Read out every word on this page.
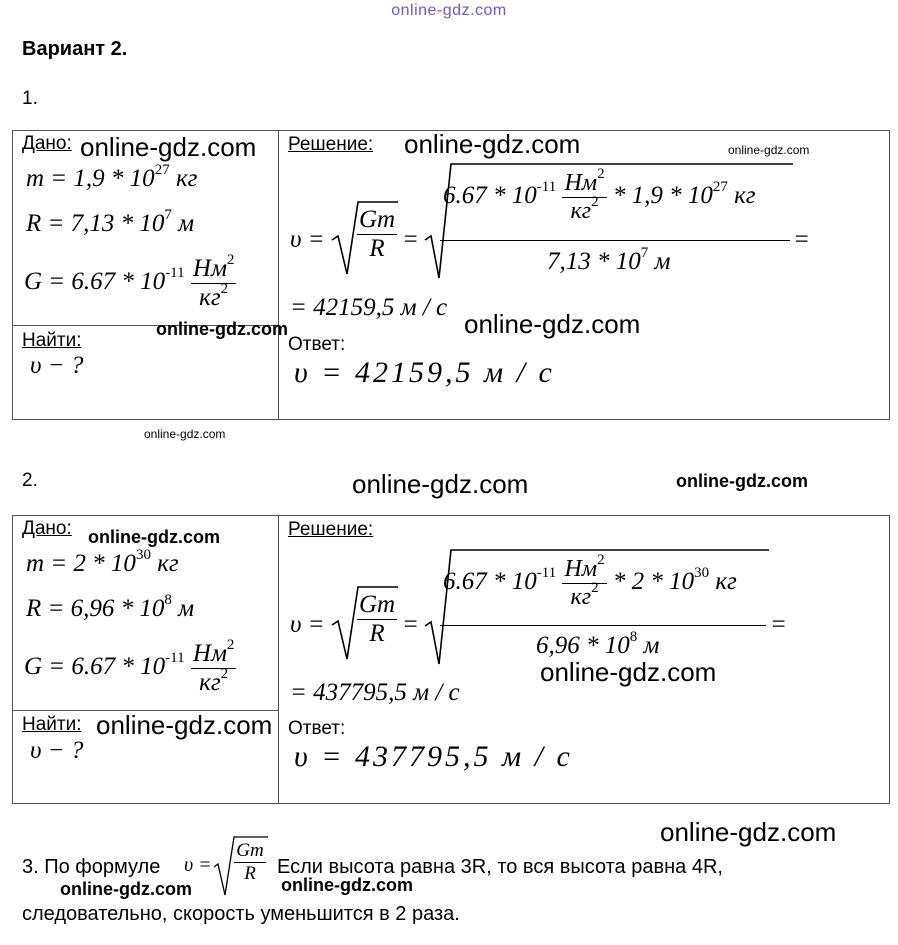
online-gdz.com
Вариант 2.
1.
Дано:
$m = 1,9 * 10^{27}$ кг
$R = 7,13 * 10^7$ м
$G = 6.67 * 10^{-11} \frac{Нм^2}{кг^2}$
Найти:
υ − ?
Решение:
$\upsilon = \frac{Gm}{R}$ =
$6.67 * 10^{-11} \frac{Нм^2}{кг^2} * 1,9 * 10^{27}$ кг
$7,13 * 10^7$ м
=
= 42159,5 м / с
Ответ:
υ = 42159,5 м / с
2.
Дано:
$m = 2 * 10^{30}$ кг
$R = 6,96 * 10^8$ м
$G = 6.67 * 10^{-11} \frac{Нм^2}{кг^2}$
Найти:
υ − ?
Решение:
$\upsilon = \frac{Gm}{R}$ =
$6.67 * 10^{-11} \frac{Нм^2}{кг^2} * 2 * 10^{30}$ кг
$6,96 * 10^8$ м
=
= 437795,5 м / с
Ответ:
υ = 437795,5 м / с
3. По формуле $\upsilon = \frac{Gm}{R}$ Если высота равна 3R, то вся высота равна 4R,
следовательно, скорость уменьшится в 2 раза.
online-gdz.com	online-gdz.com	online-gdz.com
online-gdz.com	online-gdz.com
online-gdz.com
online-gdz.com	online-gdz.com
online-gdz.com
online-gdz.com
online-gdz.com
online-gdz.com
online-gdz.com	online-gdz.com
